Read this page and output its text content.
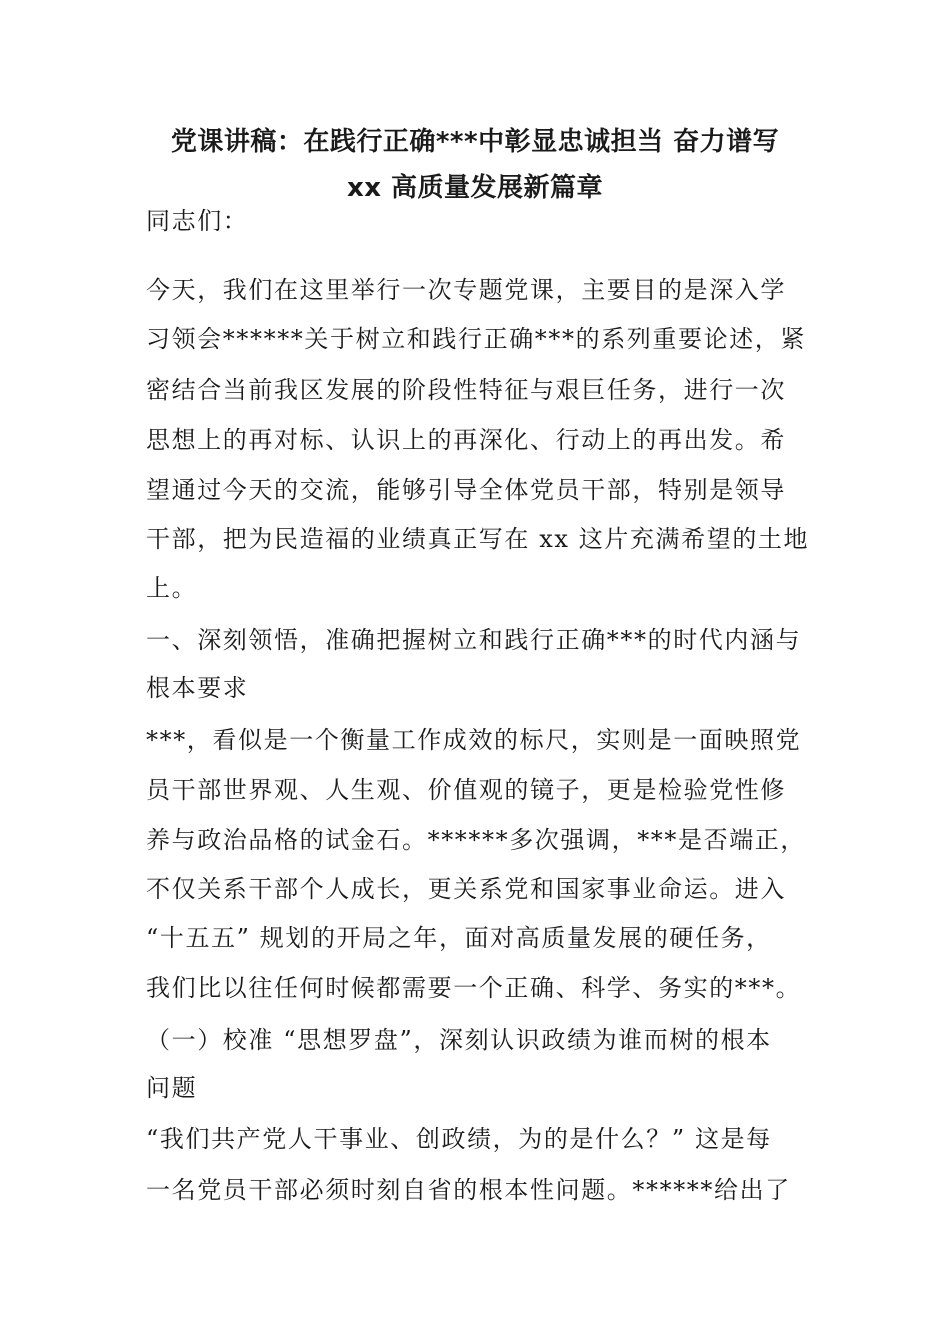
党课讲稿：在践行正确***中彰显忠诚担当 奋力谱写
xx 高质量发展新篇章

同志们：

今天，我们在这里举行一次专题党课，主要目的是深入学

习领会******关于树立和践行正确***的系列重要论述，紧

密结合当前我区发展的阶段性特征与艰巨任务，进行一次

思想上的再对标、认识上的再深化、行动上的再出发。希

望通过今天的交流，能够引导全体党员干部，特别是领导

干部，把为民造福的业绩真正写在 xx 这片充满希望的土地

上。

一、深刻领悟，准确把握树立和践行正确***的时代内涵与

根本要求

***，看似是一个衡量工作成效的标尺，实则是一面映照党

员干部世界观、人生观、价值观的镜子，更是检验党性修

养与政治品格的试金石。******多次强调，***是否端正，

不仅关系干部个人成长，更关系党和国家事业命运。进入

“十五五” 规划的开局之年，面对高质量发展的硬任务，

我们比以往任何时候都需要一个正确、科学、务实的***。

（一）校准 “思想罗盘”，深刻认识政绩为谁而树的根本

问题

“我们共产党人干事业、创政绩，为的是什么？” 这是每

一名党员干部必须时刻自省的根本性问题。******给出了
